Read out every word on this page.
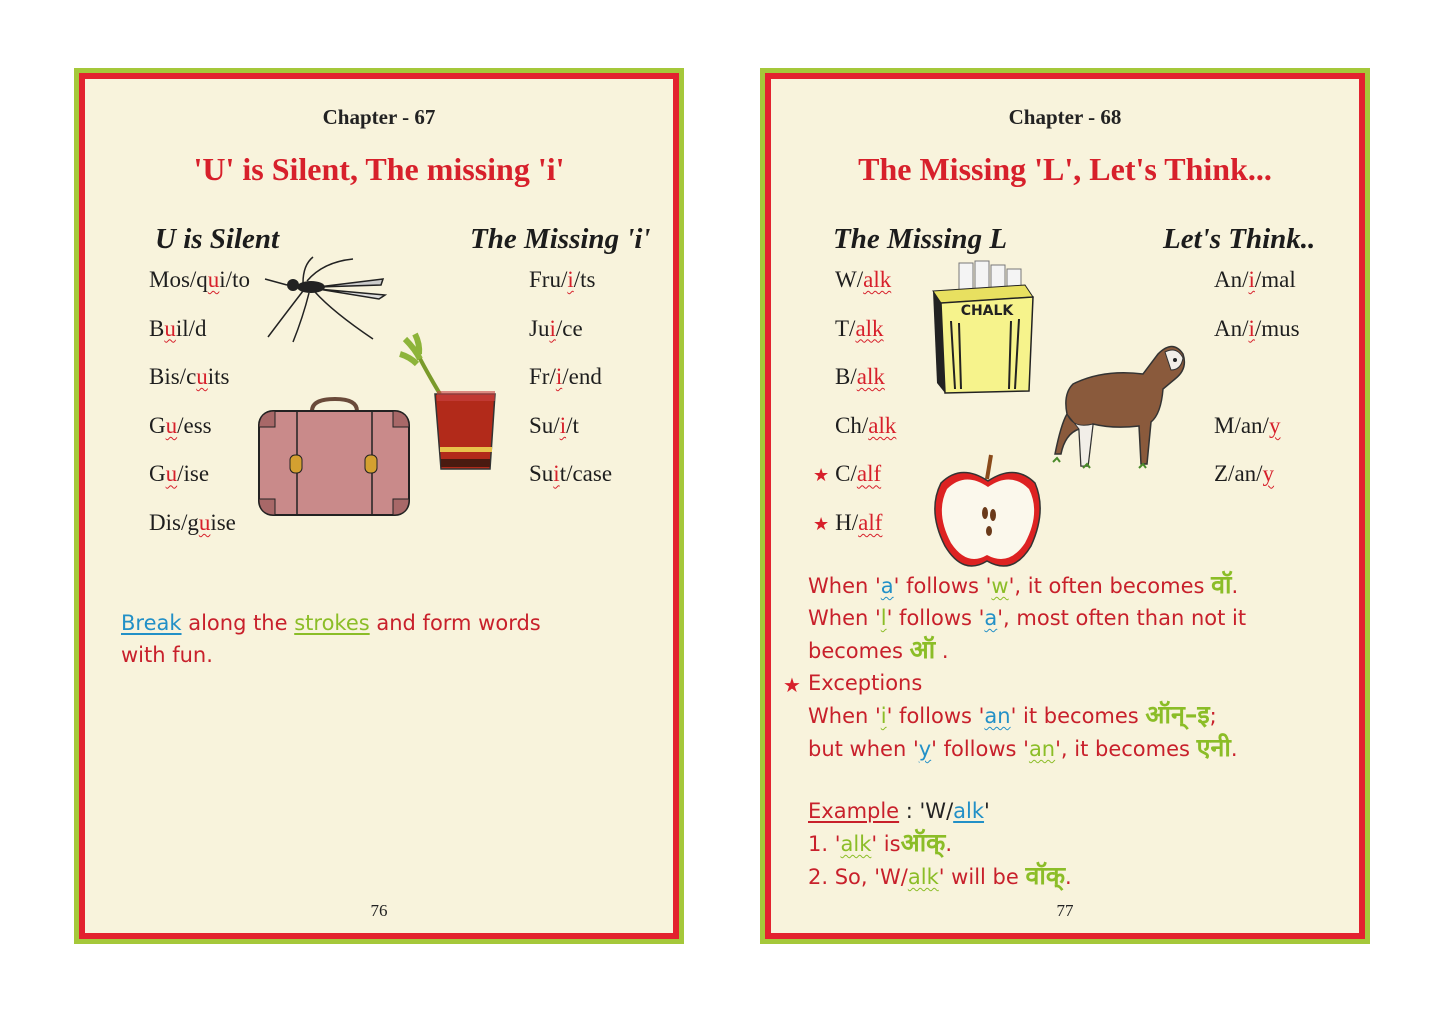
Chapter - 67
'U' is Silent, The missing 'i'
U is Silent	The Missing 'i'
Mos/qui/to
Buil/d
Bis/cuits
Gu/ess
Gu/ise
Dis/guise
Fru/i/ts
Jui/ce
Fr/i/end
Su/i/t
Suit/case
Break along the strokes and form words
with fun.
76
Chapter - 68
The Missing 'L', Let's Think...
The Missing L	Let's Think..
W/alk
T/alk
B/alk
Ch/alk
★ C/alf
★ H/alf
An/i/mal
An/i/mus
M/an/y
Z/an/y
CHALK
When 'a' follows 'w', it often becomes वॉ.
When 'l' follows 'a', most often than not it
becomes ऑ .
Exceptions
When 'i' follows 'an' it becomes ऑन्–इ;
but when 'y' follows 'an', it becomes एनी.
Example : 'W/alk'
1. 'alk' isऑक्.
2. So, 'W/alk' will be वॉक्.
★
77
